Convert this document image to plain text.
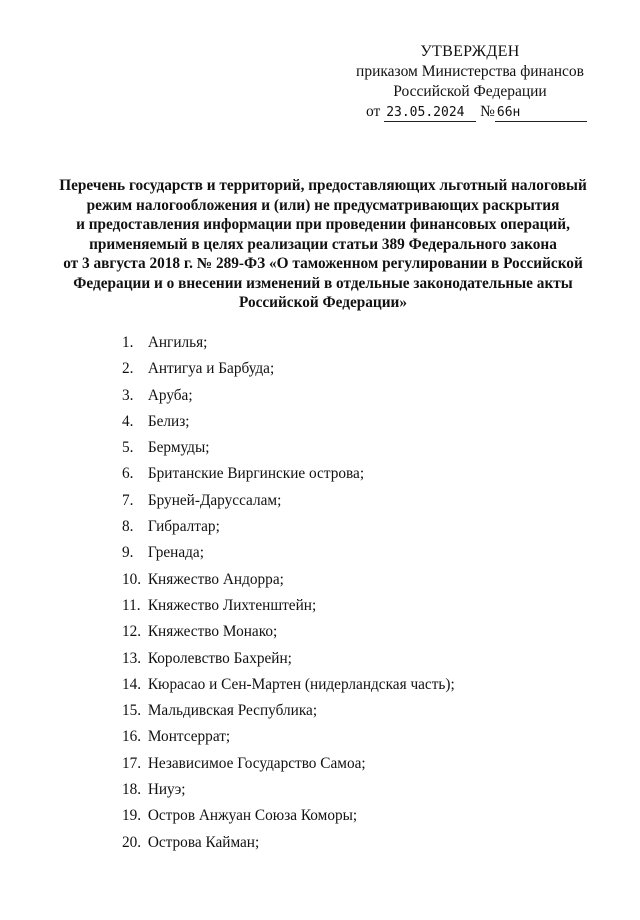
УТВЕРЖДЕН
приказом Министерства финансов
Российской Федерации
от 23.05.2024 № 66н
Перечень государств и территорий, предоставляющих льготный налоговый
режим налогообложения и (или) не предусматривающих раскрытия
и предоставления информации при проведении финансовых операций,
применяемый в целях реализации статьи 389 Федерального закона
от 3 августа 2018 г. № 289-ФЗ «О таможенном регулировании в Российской
Федерации и о внесении изменений в отдельные законодательные акты
Российской Федерации»
1. Ангилья;
2. Антигуа и Барбуда;
3. Аруба;
4. Белиз;
5. Бермуды;
6. Британские Виргинские острова;
7. Бруней-Даруссалам;
8. Гибралтар;
9. Гренада;
10. Княжество Андорра;
11. Княжество Лихтенштейн;
12. Княжество Монако;
13. Королевство Бахрейн;
14. Кюрасао и Сен-Мартен (нидерландская часть);
15. Мальдивская Республика;
16. Монтсеррат;
17. Независимое Государство Самоа;
18. Ниуэ;
19. Остров Анжуан Союза Коморы;
20. Острова Кайман;
